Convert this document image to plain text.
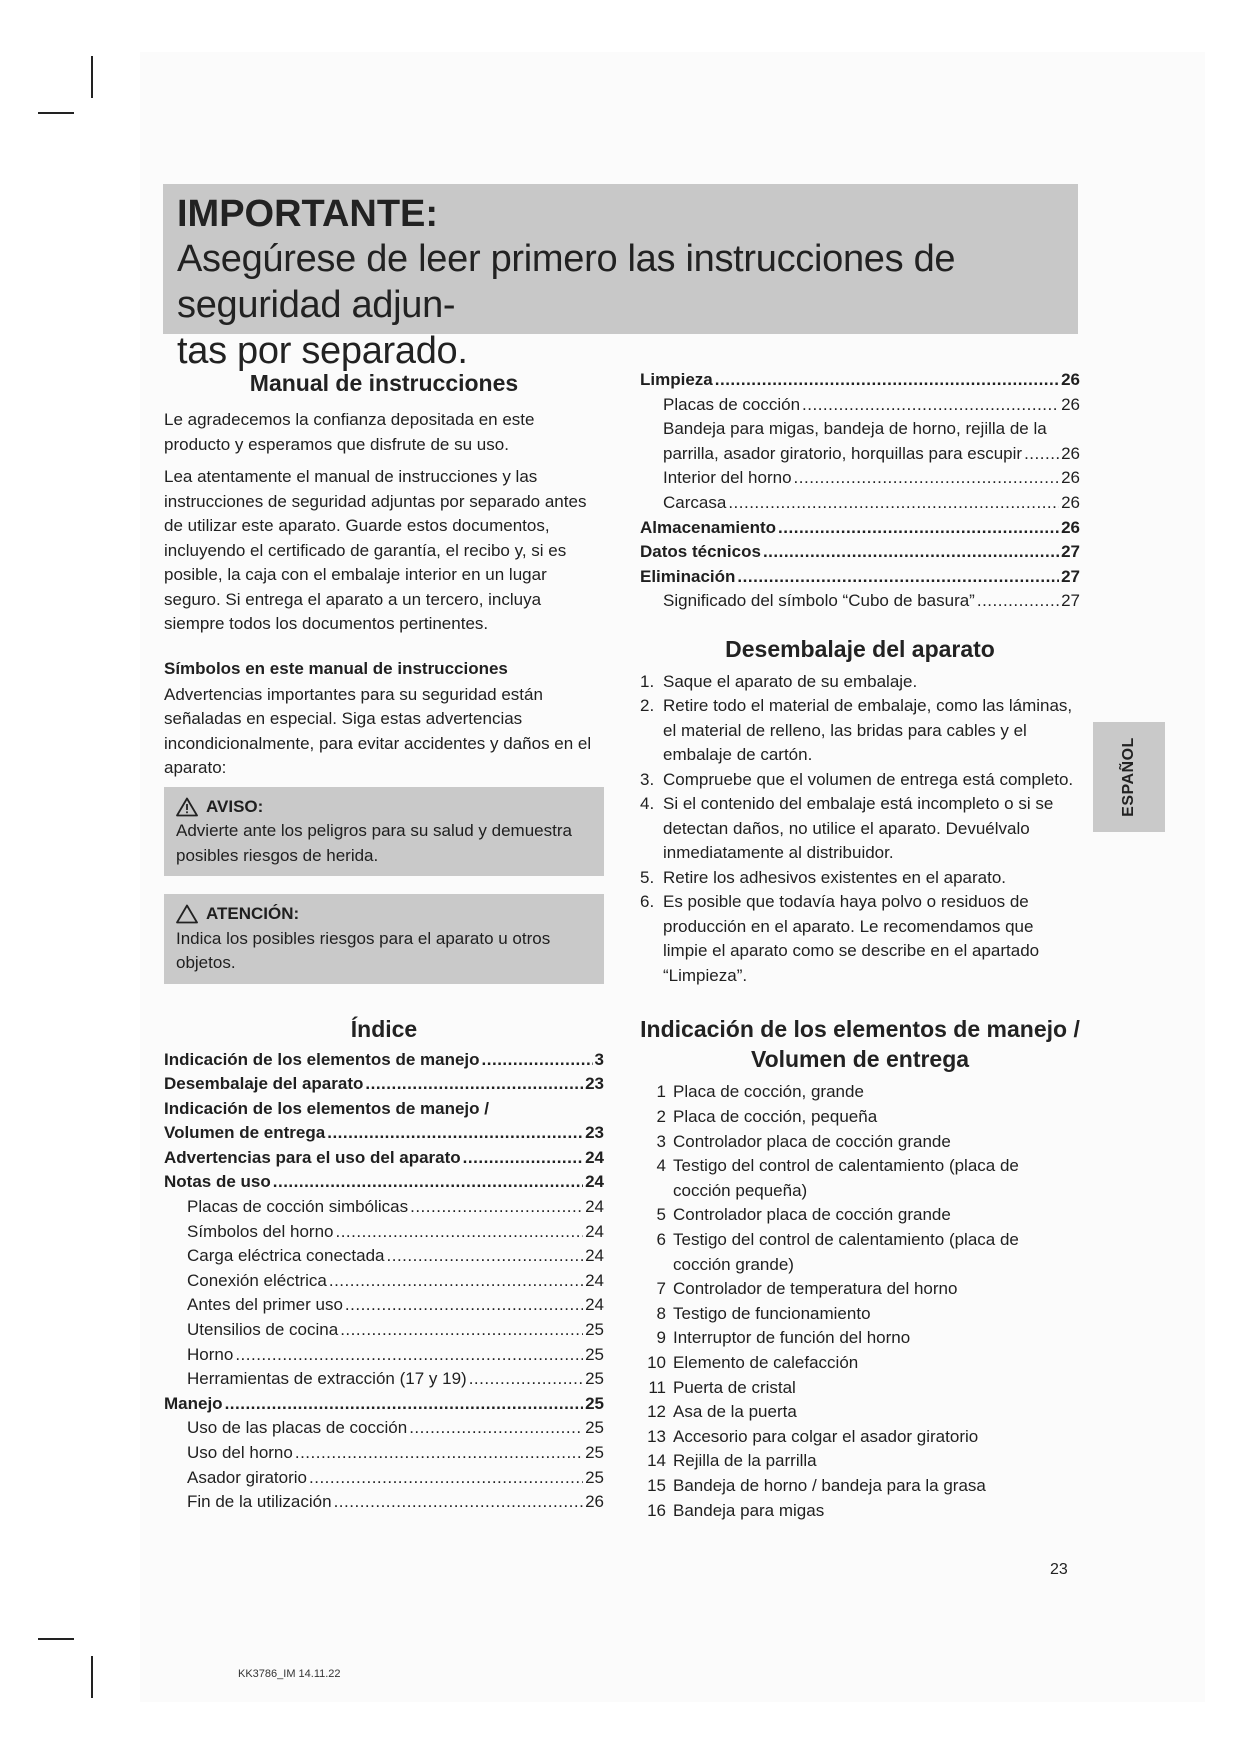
IMPORTANTE:
Asegúrese de leer primero las instrucciones de seguridad adjun-
tas por separado.
Manual de instrucciones

Le agradecemos la confianza depositada en este producto y esperamos que disfrute de su uso.

Lea atentamente el manual de instrucciones y las instrucciones de seguridad adjuntas por separado antes de utilizar este aparato. Guarde estos documentos, incluyendo el certificado de garantía, el recibo y, si es posible, la caja con el embalaje interior en un lugar seguro. Si entrega el aparato a un tercero, incluya siempre todos los documentos pertinentes.

Símbolos en este manual de instrucciones

Advertencias importantes para su seguridad están señaladas en especial. Siga estas advertencias incondicionalmente, para evitar accidentes y daños en el aparato:

AVISO:
Advierte ante los peligros para su salud y demuestra posibles riesgos de herida.
ATENCIÓN:
Indica los posibles riesgos para el aparato u otros objetos.
Índice
Indicación de los elementos de manejo .....	3
Desembalaje del aparato .....	23
Indicación de los elementos de manejo /
Volumen de entrega .....	23
Advertencias para el uso del aparato .....	24
Notas de uso .....	24
Placas de cocción simbólicas .....	24
Símbolos del horno .....	24
Carga eléctrica conectada .....	24
Conexión eléctrica .....	24
Antes del primer uso .....	24
Utensilios de cocina .....	25
Horno .....	25
Herramientas de extracción (17 y 19) .....	25
Manejo .....	25
Uso de las placas de cocción .....	25
Uso del horno .....	25
Asador giratorio .....	25
Fin de la utilización .....	26
Limpieza .....	26
Placas de cocción .....	26
Bandeja para migas, bandeja de horno, rejilla de la
parrilla, asador giratorio, horquillas para escupir ..... 26
Interior del horno .....	26
Carcasa .....	26
Almacenamiento .....	26
Datos técnicos .....	27
Eliminación .....	27
Significado del símbolo “Cubo de basura” .....	27
Desembalaje del aparato
1. Saque el aparato de su embalaje.
2. Retire todo el material de embalaje, como las láminas, el material de relleno, las bridas para cables y el embalaje de cartón.
3. Compruebe que el volumen de entrega está completo.
4. Si el contenido del embalaje está incompleto o si se detectan daños, no utilice el aparato. Devuélvalo inmediatamente al distribuidor.
5. Retire los adhesivos existentes en el aparato.
6. Es posible que todavía haya polvo o residuos de producción en el aparato. Le recomendamos que limpie el aparato como se describe en el apartado “Limpieza”.
Indicación de los elementos de manejo /
Volumen de entrega
1 Placa de cocción, grande
2 Placa de cocción, pequeña
3 Controlador placa de cocción grande
4 Testigo del control de calentamiento (placa de cocción pequeña)
5 Controlador placa de cocción grande
6 Testigo del control de calentamiento (placa de cocción grande)
7 Controlador de temperatura del horno
8 Testigo de funcionamiento
9 Interruptor de función del horno
10 Elemento de calefacción
11 Puerta de cristal
12 Asa de la puerta
13 Accesorio para colgar el asador giratorio
14 Rejilla de la parrilla
15 Bandeja de horno / bandeja para la grasa
16 Bandeja para migas
ESPAÑOL
23
KK3786_IM 14.11.22
